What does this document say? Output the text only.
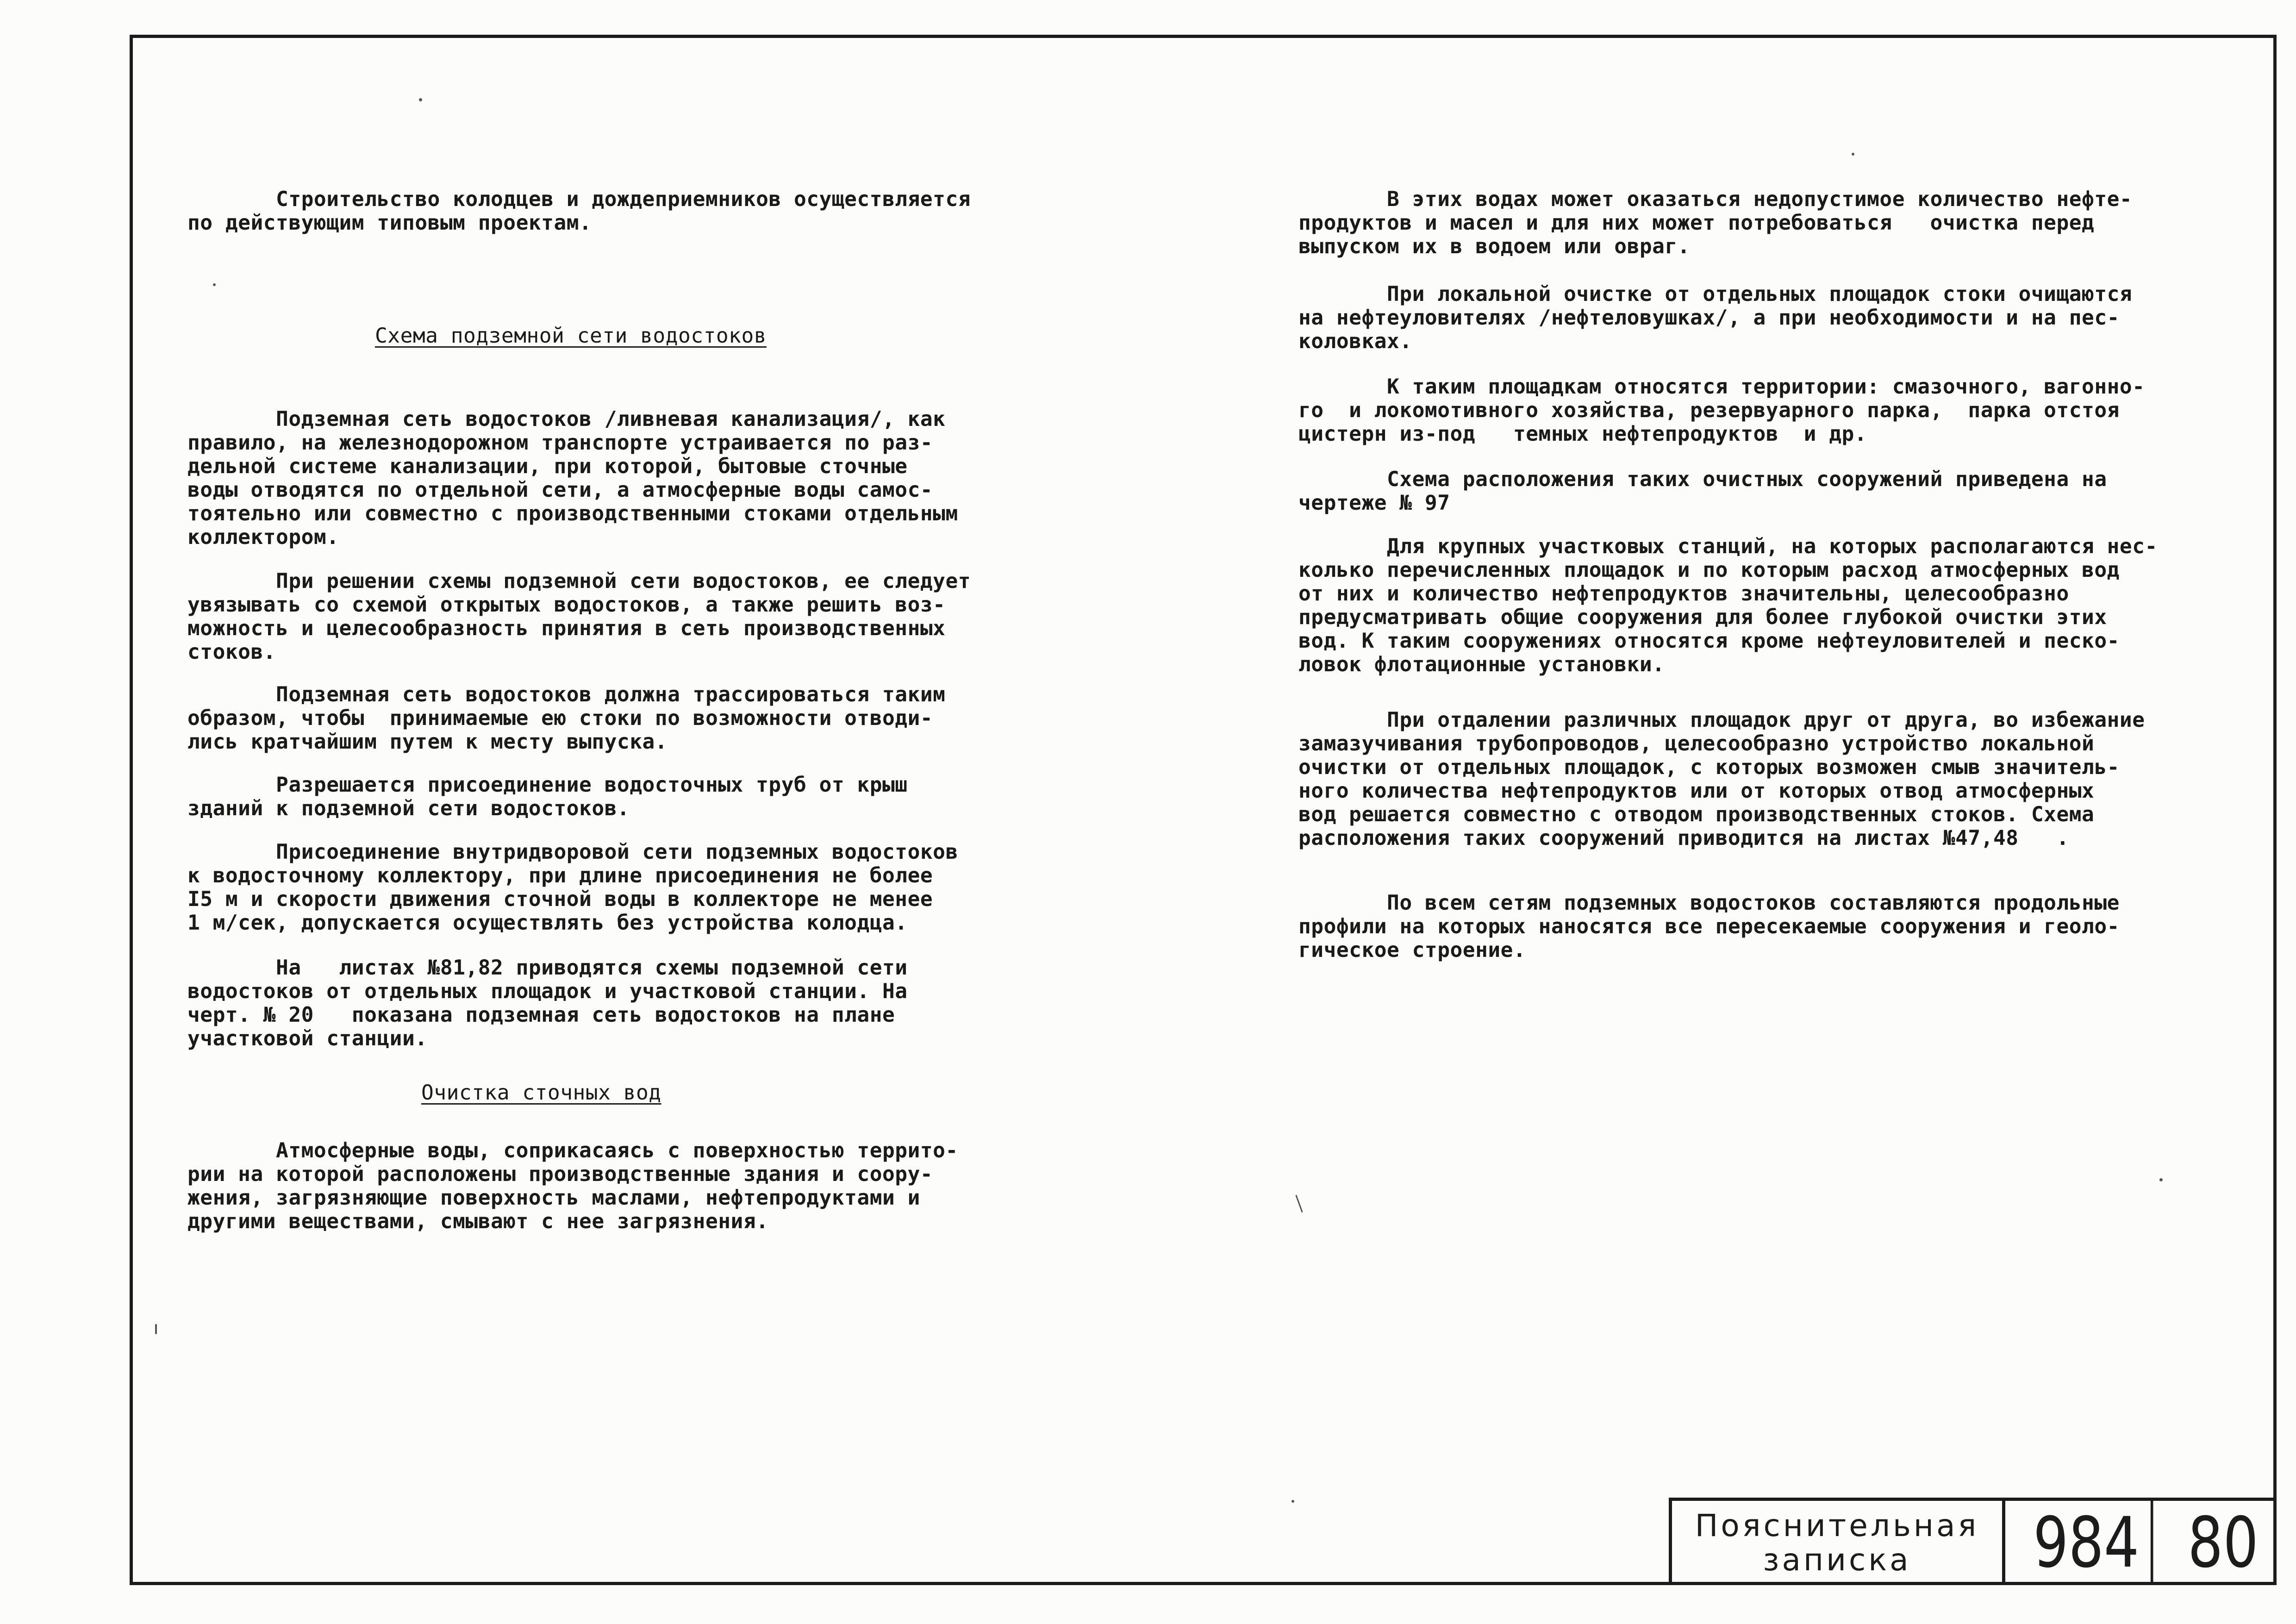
Строительство колодцев и дождеприемников осуществляется
по действующим типовым проектам.

Схема подземной сети водостоков

Подземная сеть водостоков /ливневая канализация/, как
правило, на железнодорожном транспорте устраивается по раз-
дельной системе канализации, при которой, бытовые сточные
воды отводятся по отдельной сети, а атмосферные воды самос-
тоятельно или совместно с производственными стоками отдельным
коллектором.

При решении схемы подземной сети водостоков, ее следует
увязывать со схемой открытых водостоков, а также решить воз-
можность и целесообразность принятия в сеть производственных
стоков.

Подземная сеть водостоков должна трассироваться таким
образом, чтобы  принимаемые ею стоки по возможности отводи-
лись кратчайшим путем к месту выпуска.

Разрешается присоединение водосточных труб от крыш
зданий к подземной сети водостоков.

Присоединение внутридворовой сети подземных водостоков
к водосточному коллектору, при длине присоединения не более
I5 м и скорости движения сточной воды в коллекторе не менее
1 м/сек, допускается осуществлять без устройства колодца.

На   листах №81,82 приводятся схемы подземной сети
водостоков от отдельных площадок и участковой станции. На
черт. № 20   показана подземная сеть водостоков на плане
участковой станции.

Очистка сточных вод

Атмосферные воды, соприкасаясь с поверхностью террито-
рии на которой расположены производственные здания и соору-
жения, загрязняющие поверхность маслами, нефтепродуктами и
другими веществами, смывают с нее загрязнения.

В этих водах может оказаться недопустимое количество нефте-
продуктов и масел и для них может потребоваться   очистка перед
выпуском их в водоем или овраг.

При локальной очистке от отдельных площадок стоки очищаются
на нефтеуловителях /нефтеловушках/, а при необходимости и на пес-
коловках.

К таким площадкам относятся территории: смазочного, вагонно-
го  и локомотивного хозяйства, резервуарного парка,  парка отстоя
цистерн из-под   темных нефтепродуктов  и др.

Схема расположения таких очистных сооружений приведена на
чертеже № 97

Для крупных участковых станций, на которых располагаются нес-
колько перечисленных площадок и по которым расход атмосферных вод
от них и количество нефтепродуктов значительны, целесообразно
предусматривать общие сооружения для более глубокой очистки этих
вод. К таким сооружениях относятся кроме нефтеуловителей и песко-
ловок флотационные установки.

При отдалении различных площадок друг от друга, во избежание
замазучивания трубопроводов, целесообразно устройство локальной
очистки от отдельных площадок, с которых возможен смыв значитель-
ного количества нефтепродуктов или от которых отвод атмосферных
вод решается совместно с отводом производственных стоков. Схема
расположения таких сооружений приводится на листах №47,48   .

По всем сетям подземных водостоков составляются продольные
профили на которых наносятся все пересекаемые сооружения и геоло-
гическое строение.

Пояснительная
записка 984 80
